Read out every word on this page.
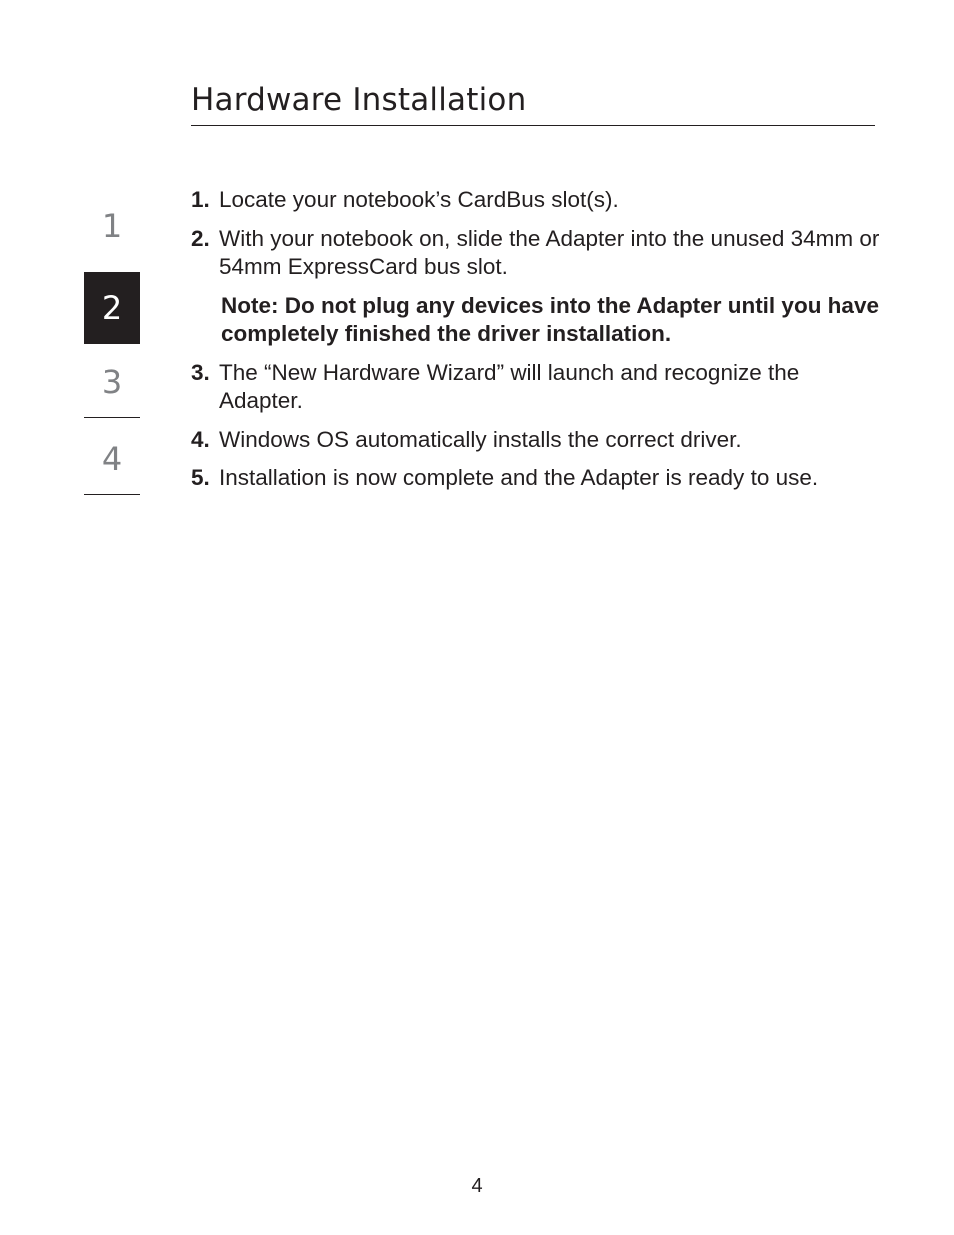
Hardware Installation
1
2
3
4
1. Locate your notebook’s CardBus slot(s).
2. With your notebook on, slide the Adapter into the unused 34mm or 54mm ExpressCard bus slot.
Note: Do not plug any devices into the Adapter until you have completely finished the driver installation.
3. The “New Hardware Wizard” will launch and recognize the Adapter.
4. Windows OS automatically installs the correct driver.
5. Installation is now complete and the Adapter is ready to use.
4
